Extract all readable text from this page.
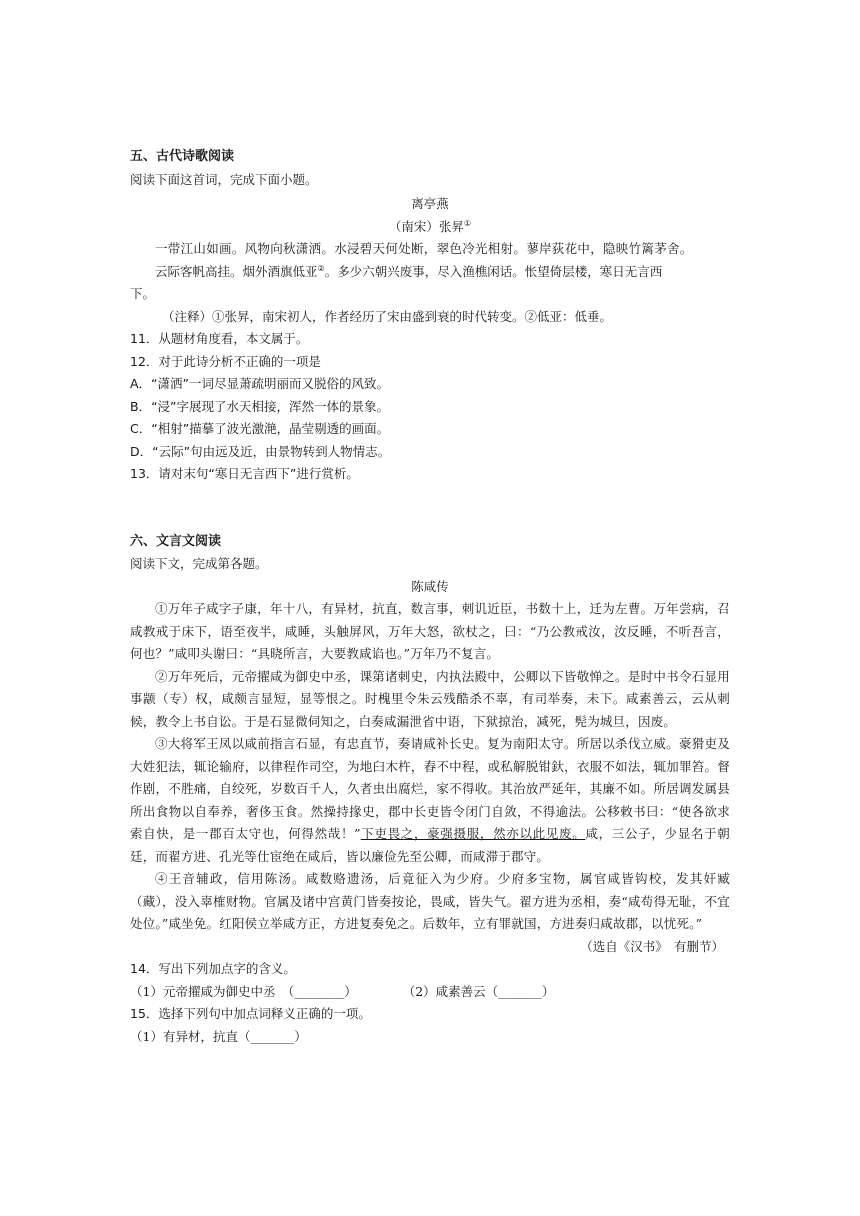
五、古代诗歌阅读
阅读下面这首词，完成下面小题。
离亭燕
（南宋）张昇①
一带江山如画。风物向秋潇洒。水浸碧天何处断，翠色冷光相射。蓼岸荻花中，隐映竹篱茅舍。
云际客帆高挂。烟外酒旗低亚②。多少六朝兴废事，尽入渔樵闲话。怅望倚层楼，寒日无言西
下。
（注释）①张昇，南宋初人，作者经历了宋由盛到衰的时代转变。②低亚：低垂。
11．从题材角度看，本文属于。
12．对于此诗分析不正确的一项是
A．“潇洒”一词尽显萧疏明丽而又脱俗的风致。
B．“浸”字展现了水天相接，浑然一体的景象。
C．“相射”描摹了波光激滟，晶莹剔透的画面。
D．“云际”句由远及近，由景物转到人物情志。
13．请对末句“寒日无言西下”进行赏析。
六、文言文阅读
阅读下文，完成第各题。
陈咸传
①万年子咸字子康，年十八，有异材，抗直，数言事，刺讥近臣，书数十上，迁为左曹。万年尝病，召咸教戒于床下，语至夜半，咸睡，头触屏风，万年大怒，欲杖之，曰：“乃公教戒汝，汝反睡，不听吾言，何也？”咸叩头谢曰：“具晓所言，大要教咸谄也。”万年乃不复言。
②万年死后，元帝擢咸为御史中丞，课第诸刺史，内执法殿中，公卿以下皆敬惮之。是时中书令石显用事颛（专）权，咸颇言显短，显等恨之。时槐里令朱云残酷杀不辜，有司举奏，未下。咸素善云，云从刺候，教令上书自讼。于是石显微伺知之，白奏咸漏泄省中语，下狱掠治，减死，髡为城旦，因废。
③大将军王凤以咸前指言石显，有忠直节，奏请咸补长史。复为南阳太守。所居以杀伐立威。豪猾吏及大姓犯法，辄论输府，以律程作司空，为地臼木杵，舂不中程，或私解脱钳釱，衣服不如法，辄加罪笞。督作剧，不胜痛，自绞死，岁数百千人，久者虫出腐烂，家不得收。其治放严延年，其廉不如。所居调发属县所出食物以自奉养，奢侈玉食。然操持掾史，郡中长吏皆令闭门自敛，不得逾法。公移敕书曰：“使各欲求索自快，是一郡百太守也，何得然哉！”下吏畏之，豪强摄服，然亦以此见废。咸，三公子，少显名于朝廷，而翟方进、孔光等仕宦绝在咸后，皆以廉俭先至公卿，而咸滞于郡守。
④王音辅政，信用陈汤。咸数赂遗汤，后竟征入为少府。少府多宝物，属官咸皆钩校，发其奸臧（藏），没入辜榷财物。官属及诸中宫黄门皆奏按论，畏咸，皆失气。翟方进为丞相，奏“咸苟得无耻，不宜处位。”咸坐免。红阳侯立举咸方正，方进复奏免之。后数年，立有罪就国，方进奏归咸故郡，以忧死。”
（选自《汉书》　有删节）
14．写出下列加点字的含义。
（1）元帝擢咸为御史中丞　（________）	（2）咸素善云（_______）
15．选择下列句中加点词释义正确的一项。
（1）有异材，抗直（_______）
